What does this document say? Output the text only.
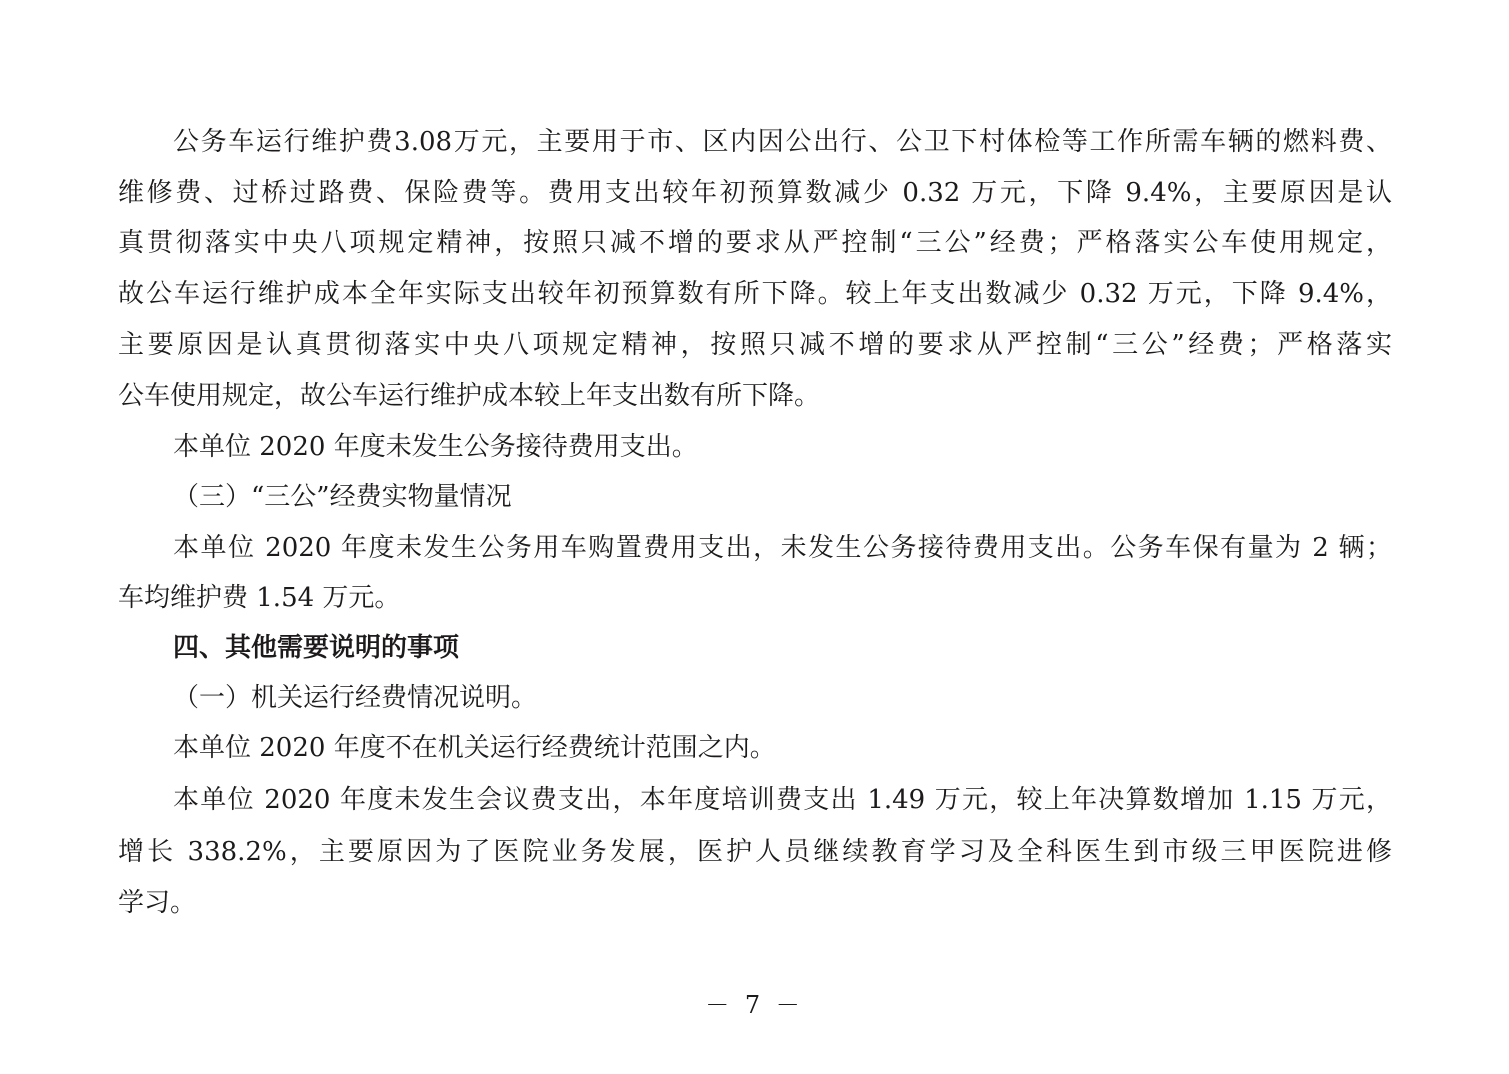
公务车运行维护费3.08万元，主要用于市、区内因公出行、公卫下村体检等工作所需车辆的燃料费、
维修费、过桥过路费、保险费等。费用支出较年初预算数减少 0.32 万元，下降 9.4%，主要原因是认
真贯彻落实中央八项规定精神，按照只减不增的要求从严控制“三公”经费；严格落实公车使用规定，
故公车运行维护成本全年实际支出较年初预算数有所下降。较上年支出数减少 0.32 万元，下降 9.4%，
主要原因是认真贯彻落实中央八项规定精神，按照只减不增的要求从严控制“三公”经费；严格落实
公车使用规定，故公车运行维护成本较上年支出数有所下降。
本单位 2020 年度未发生公务接待费用支出。
（三）“三公”经费实物量情况
本单位 2020 年度未发生公务用车购置费用支出，未发生公务接待费用支出。公务车保有量为 2 辆；
车均维护费 1.54 万元。
四、其他需要说明的事项
（一）机关运行经费情况说明。
本单位 2020 年度不在机关运行经费统计范围之内。
本单位 2020 年度未发生会议费支出，本年度培训费支出 1.49 万元，较上年决算数增加 1.15 万元，
增长 338.2%，主要原因为了医院业务发展，医护人员继续教育学习及全科医生到市级三甲医院进修
学习。
－ 7 －
